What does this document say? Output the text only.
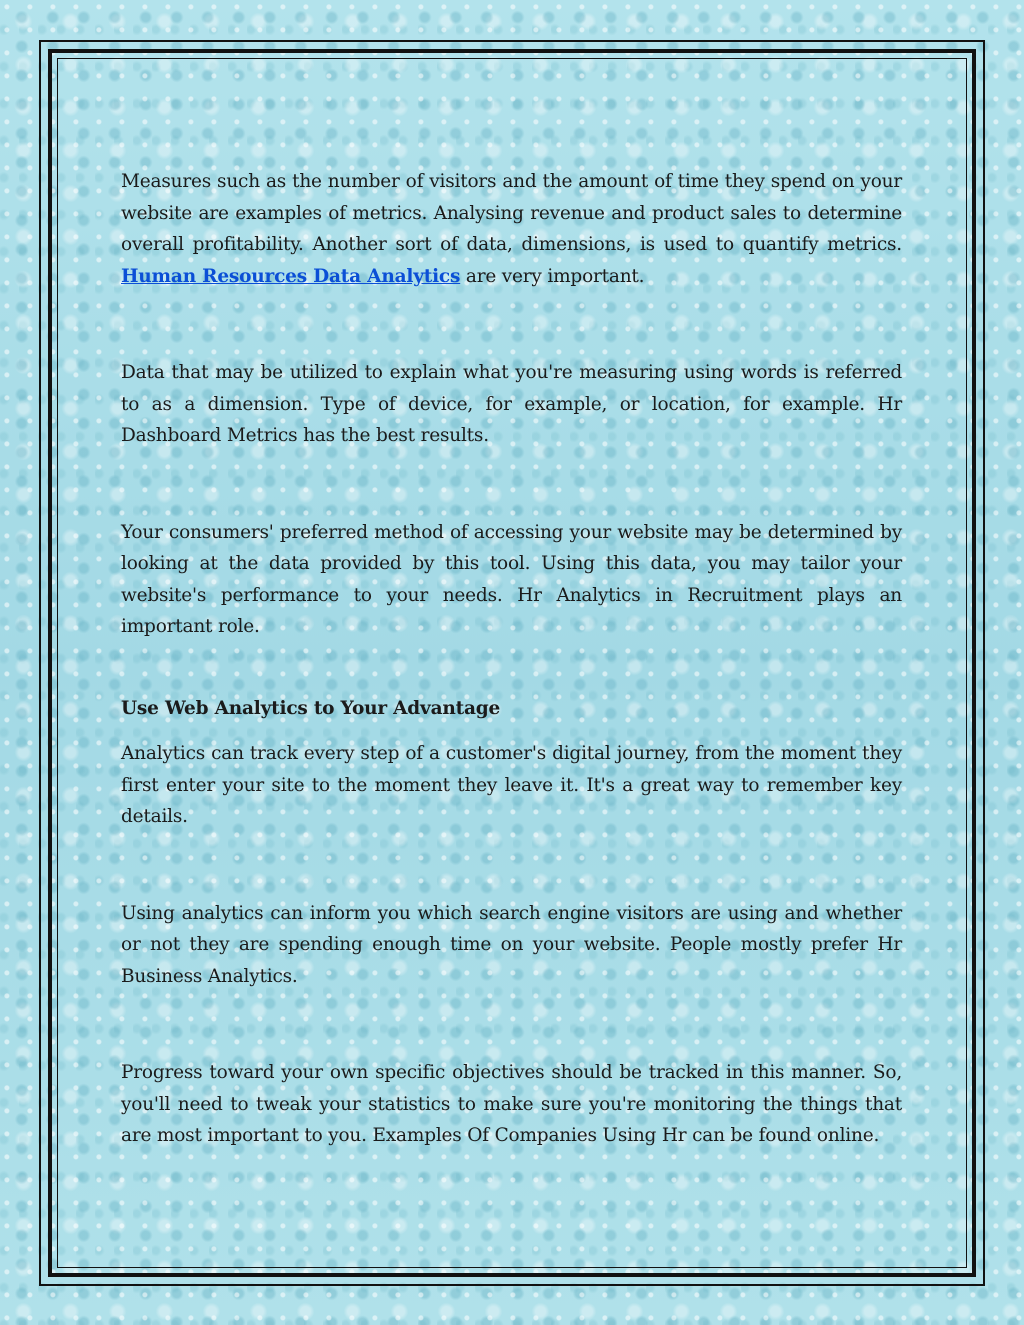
Measures such as the number of visitors and the amount of time they spend on your website are examples of metrics. Analysing revenue and product sales to determine overall profitability. Another sort of data, dimensions, is used to quantify metrics. Human Resources Data Analytics are very important.

Data that may be utilized to explain what you're measuring using words is referred to as a dimension. Type of device, for example, or location, for example. Hr Dashboard Metrics has the best results.

Your consumers' preferred method of accessing your website may be determined by looking at the data provided by this tool. Using this data, you may tailor your website's performance to your needs. Hr Analytics in Recruitment plays an important role.

Use Web Analytics to Your Advantage

Analytics can track every step of a customer's digital journey, from the moment they first enter your site to the moment they leave it. It's a great way to remember key details.

Using analytics can inform you which search engine visitors are using and whether or not they are spending enough time on your website. People mostly prefer Hr Business Analytics.

Progress toward your own specific objectives should be tracked in this manner. So, you'll need to tweak your statistics to make sure you're monitoring the things that are most important to you. Examples Of Companies Using Hr can be found online.
